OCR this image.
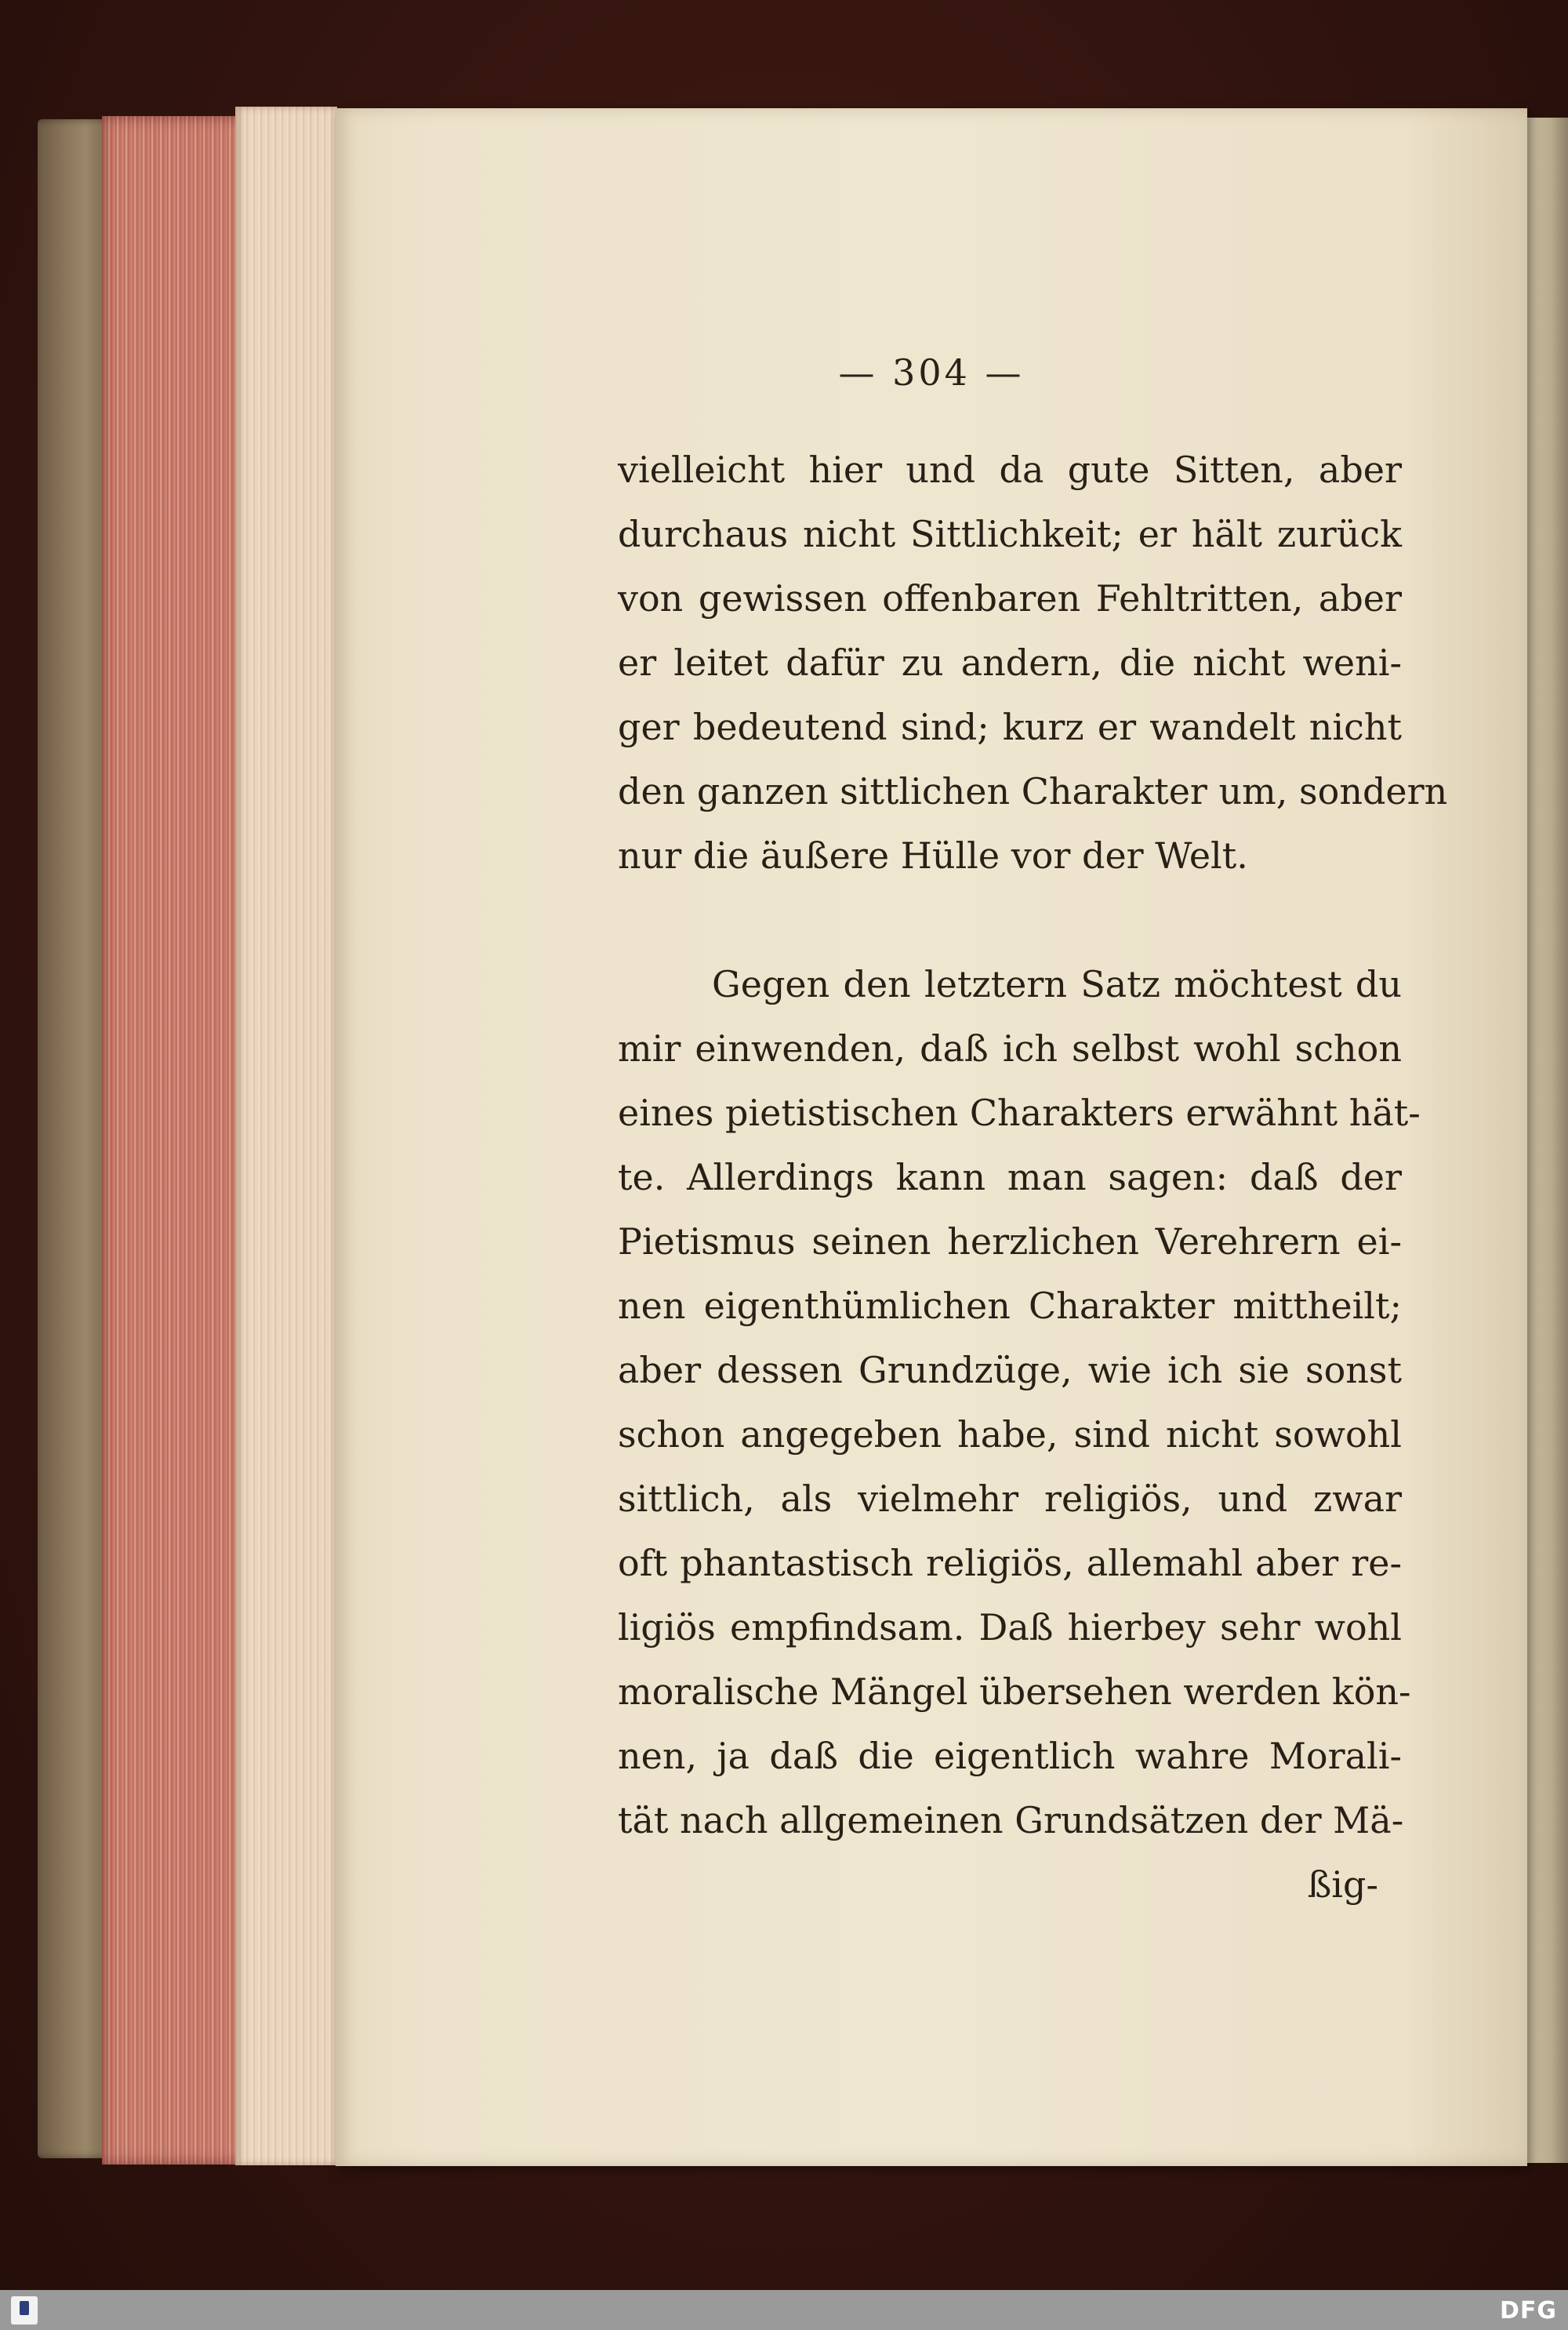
— 304 —
vielleicht hier und da gute Sitten, aber
durchaus nicht Sittlichkeit; er hält zurück
von gewissen offenbaren Fehltritten, aber
er leitet dafür zu andern, die nicht weni-
ger bedeutend sind; kurz er wandelt nicht
den ganzen sittlichen Charakter um, sondern
nur die äußere Hülle vor der Welt.
Gegen den letztern Satz möchtest du
mir einwenden, daß ich selbst wohl schon
eines pietistischen Charakters erwähnt hät-
te. Allerdings kann man sagen: daß der
Pietismus seinen herzlichen Verehrern ei-
nen eigenthümlichen Charakter mittheilt;
aber dessen Grundzüge, wie ich sie sonst
schon angegeben habe, sind nicht sowohl
sittlich, als vielmehr religiös, und zwar
oft phantastisch religiös, allemahl aber re-
ligiös empfindsam. Daß hierbey sehr wohl
moralische Mängel übersehen werden kön-
nen, ja daß die eigentlich wahre Morali-
tät nach allgemeinen Grundsätzen der Mä-
ßig-
DFG
